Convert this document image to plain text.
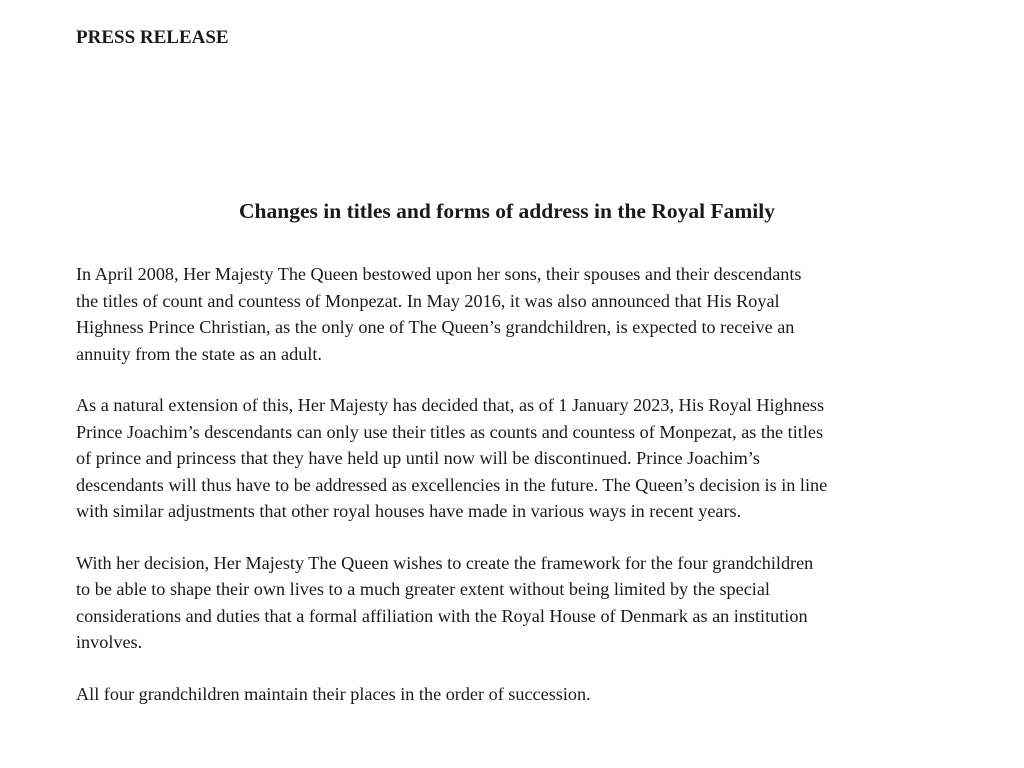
PRESS RELEASE

Changes in titles and forms of address in the Royal Family

In April 2008, Her Majesty The Queen bestowed upon her sons, their spouses and their descendants
the titles of count and countess of Monpezat. In May 2016, it was also announced that His Royal
Highness Prince Christian, as the only one of The Queen’s grandchildren, is expected to receive an
annuity from the state as an adult.

As a natural extension of this, Her Majesty has decided that, as of 1 January 2023, His Royal Highness
Prince Joachim’s descendants can only use their titles as counts and countess of Monpezat, as the titles
of prince and princess that they have held up until now will be discontinued. Prince Joachim’s
descendants will thus have to be addressed as excellencies in the future. The Queen’s decision is in line
with similar adjustments that other royal houses have made in various ways in recent years.

With her decision, Her Majesty The Queen wishes to create the framework for the four grandchildren
to be able to shape their own lives to a much greater extent without being limited by the special
considerations and duties that a formal affiliation with the Royal House of Denmark as an institution
involves.

All four grandchildren maintain their places in the order of succession.
